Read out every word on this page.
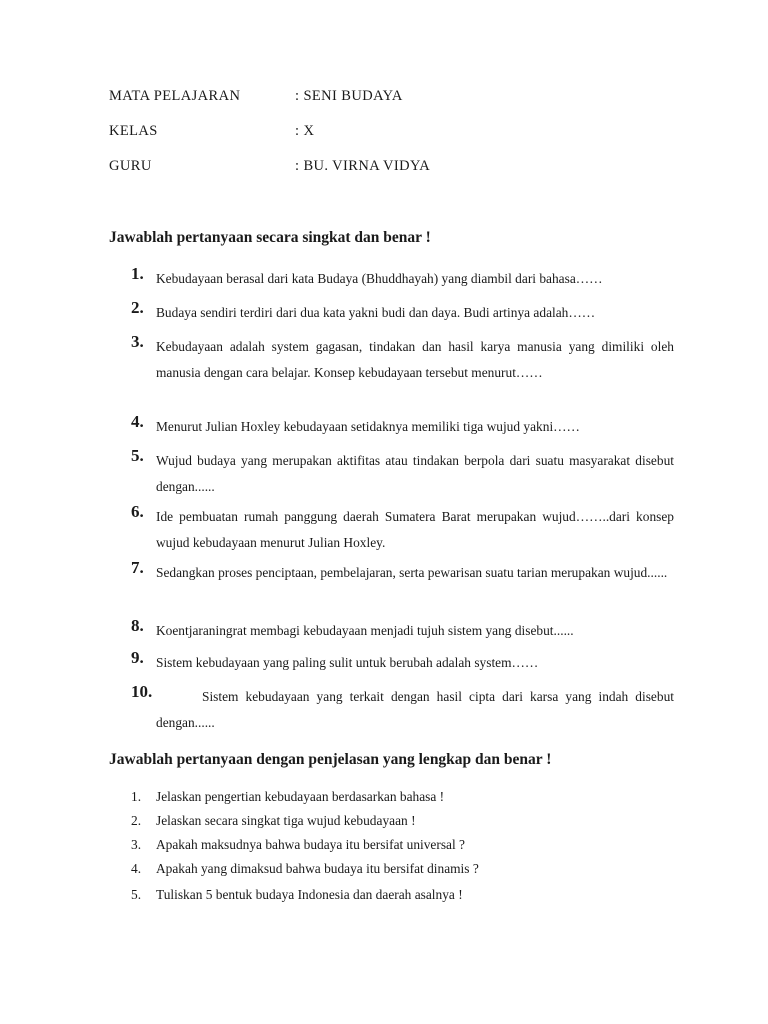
MATA PELAJARAN	: SENI BUDAYA
KELAS	: X
GURU	: BU. VIRNA VIDYA
Jawablah pertanyaan secara singkat dan benar !
1. Kebudayaan berasal dari kata Budaya (Bhuddhayah) yang diambil dari bahasa……
2. Budaya sendiri terdiri dari dua kata yakni budi dan daya. Budi artinya adalah……
3. Kebudayaan adalah system gagasan, tindakan dan hasil karya manusia yang dimiliki oleh manusia dengan cara belajar. Konsep kebudayaan tersebut menurut……
4. Menurut Julian Hoxley kebudayaan setidaknya memiliki tiga wujud yakni……
5. Wujud budaya yang merupakan aktifitas atau tindakan berpola dari suatu masyarakat disebut dengan......
6. Ide pembuatan rumah panggung daerah Sumatera Barat merupakan wujud……..dari konsep wujud kebudayaan menurut Julian Hoxley.
7. Sedangkan proses penciptaan, pembelajaran, serta pewarisan suatu tarian merupakan wujud......
8. Koentjaraningrat membagi kebudayaan menjadi tujuh sistem yang disebut......
9. Sistem kebudayaan yang paling sulit untuk berubah adalah system……
10.	Sistem kebudayaan yang terkait dengan hasil cipta dari karsa yang indah disebut dengan......
Jawablah pertanyaan dengan penjelasan yang lengkap dan benar !
1. Jelaskan pengertian kebudayaan berdasarkan bahasa !
2. Jelaskan secara singkat tiga wujud kebudayaan !
3. Apakah maksudnya bahwa budaya itu bersifat universal ?
4. Apakah yang dimaksud bahwa budaya itu bersifat dinamis ?
5. Tuliskan 5 bentuk budaya Indonesia dan daerah asalnya !
